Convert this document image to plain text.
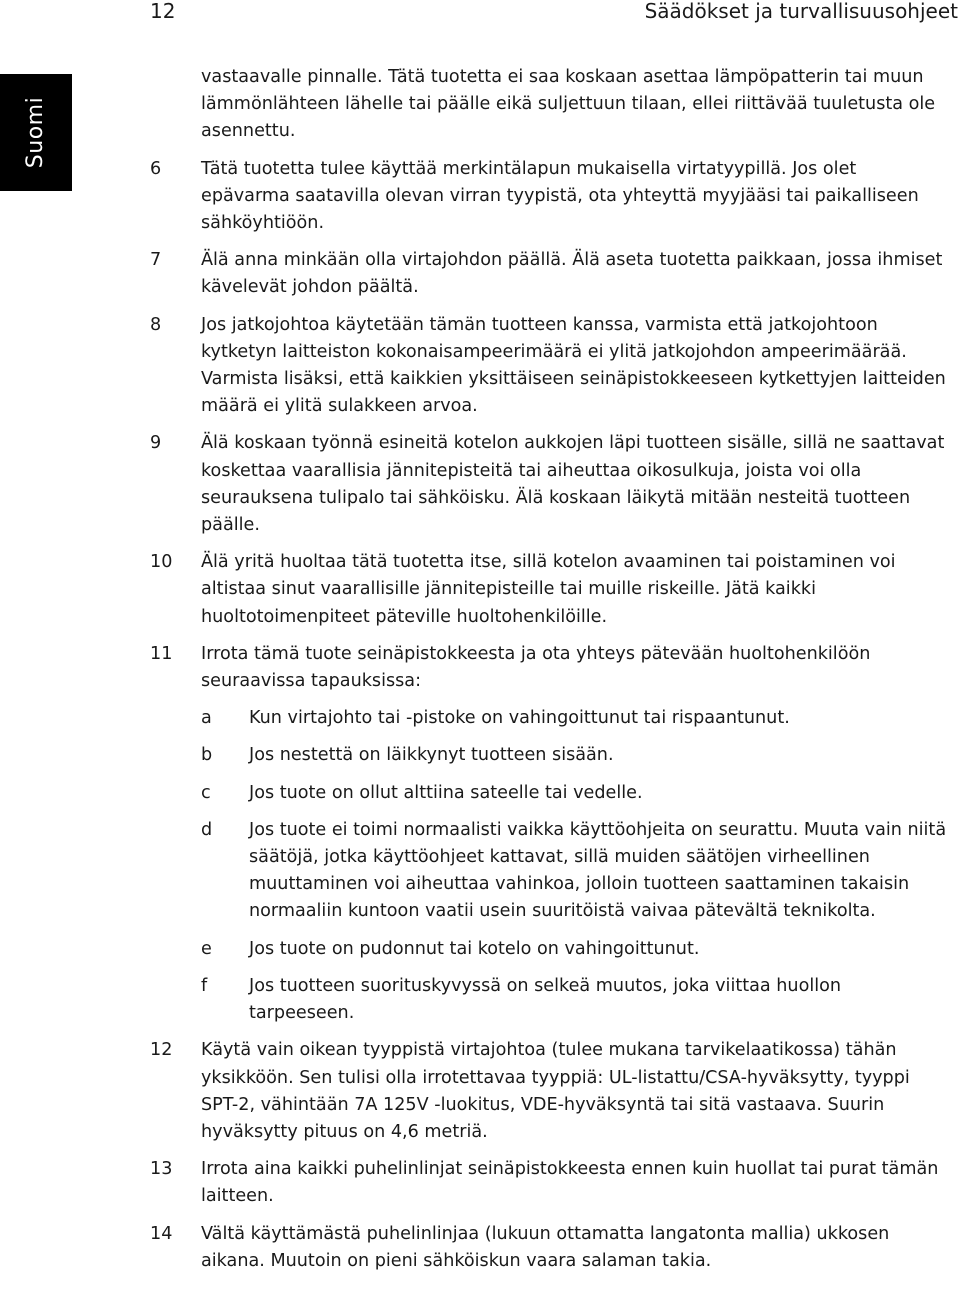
12	Säädökset ja turvallisuusohjeet
Suomi
vastaavalle pinnalle. Tätä tuotetta ei saa koskaan asettaa lämpöpatterin tai muun lämmönlähteen lähelle tai päälle eikä suljettuun tilaan, ellei riittävää tuuletusta ole asennettu.
6 Tätä tuotetta tulee käyttää merkintälapun mukaisella virtatyypillä. Jos olet epävarma saatavilla olevan virran tyypistä, ota yhteyttä myyjääsi tai paikalliseen sähköyhtiöön.
7 Älä anna minkään olla virtajohdon päällä. Älä aseta tuotetta paikkaan, jossa ihmiset kävelevät johdon päältä.
8 Jos jatkojohtoa käytetään tämän tuotteen kanssa, varmista että jatkojohtoon kytketyn laitteiston kokonaisampeerimäärä ei ylitä jatkojohdon ampeerimäärää. Varmista lisäksi, että kaikkien yksittäiseen seinäpistokkeeseen kytkettyjen laitteiden määrä ei ylitä sulakkeen arvoa.
9 Älä koskaan työnnä esineitä kotelon aukkojen läpi tuotteen sisälle, sillä ne saattavat koskettaa vaarallisia jännitepisteitä tai aiheuttaa oikosulkuja, joista voi olla seurauksena tulipalo tai sähköisku. Älä koskaan läikytä mitään nesteitä tuotteen päälle.
10 Älä yritä huoltaa tätä tuotetta itse, sillä kotelon avaaminen tai poistaminen voi altistaa sinut vaarallisille jännitepisteille tai muille riskeille. Jätä kaikki huoltotoimenpiteet päteville huoltohenkilöille.
11 Irrota tämä tuote seinäpistokkeesta ja ota yhteys pätevään huoltohenkilöön seuraavissa tapauksissa:
a Kun virtajohto tai -pistoke on vahingoittunut tai rispaantunut.
b Jos nestettä on läikkynyt tuotteen sisään.
c Jos tuote on ollut alttiina sateelle tai vedelle.
d Jos tuote ei toimi normaalisti vaikka käyttöohjeita on seurattu. Muuta vain niitä säätöjä, jotka käyttöohjeet kattavat, sillä muiden säätöjen virheellinen muuttaminen voi aiheuttaa vahinkoa, jolloin tuotteen saattaminen takaisin normaaliin kuntoon vaatii usein suuritöistä vaivaa pätevältä teknikolta.
e Jos tuote on pudonnut tai kotelo on vahingoittunut.
f Jos tuotteen suorituskyvyssä on selkeä muutos, joka viittaa huollon tarpeeseen.
12 Käytä vain oikean tyyppistä virtajohtoa (tulee mukana tarvikelaatikossa) tähän yksikköön. Sen tulisi olla irrotettavaa tyyppiä: UL-listattu/CSA-hyväksytty, tyyppi SPT-2, vähintään 7A 125V -luokitus, VDE-hyväksyntä tai sitä vastaava. Suurin hyväksytty pituus on 4,6 metriä.
13 Irrota aina kaikki puhelinlinjat seinäpistokkeesta ennen kuin huollat tai purat tämän laitteen.
14 Vältä käyttämästä puhelinlinjaa (lukuun ottamatta langatonta mallia) ukkosen aikana. Muutoin on pieni sähköiskun vaara salaman takia.
